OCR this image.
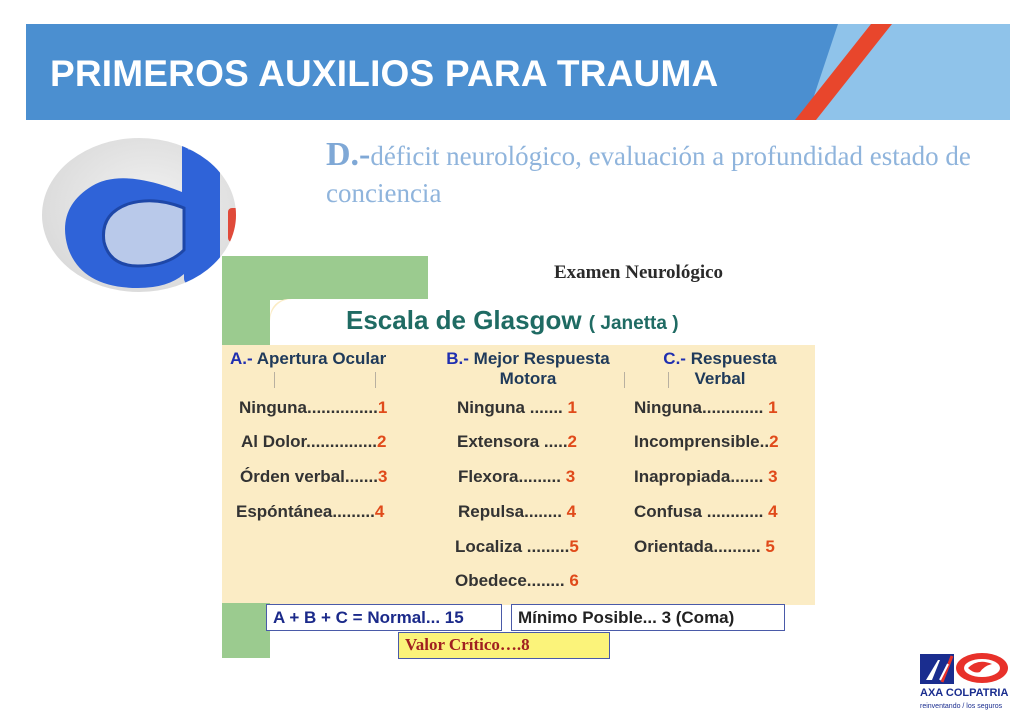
PRIMEROS AUXILIOS PARA TRAUMA
D.-déficit neurológico, evaluación a profundidad estado de conciencia
Examen Neurológico
Escala de Glasgow ( Janetta )
A.- Apertura Ocular	B.- Mejor Respuesta Motora
C.- Respuesta Verbal
Ninguna...............1
Al Dolor...............2
Órden verbal.......3
Espóntánea.........4
Ninguna ....... 1
Extensora .....2
Flexora......... 3
Repulsa........ 4
Localiza .........5
Obedece........ 6
Ninguna............. 1
Incomprensible..2
Inapropiada....... 3
Confusa ............ 4
Orientada.......... 5
A + B + C = Normal... 15	Mínimo Posible... 3 (Coma)
Valor Crítico….8
AXA COLPATRIA
reinventando / los seguros
